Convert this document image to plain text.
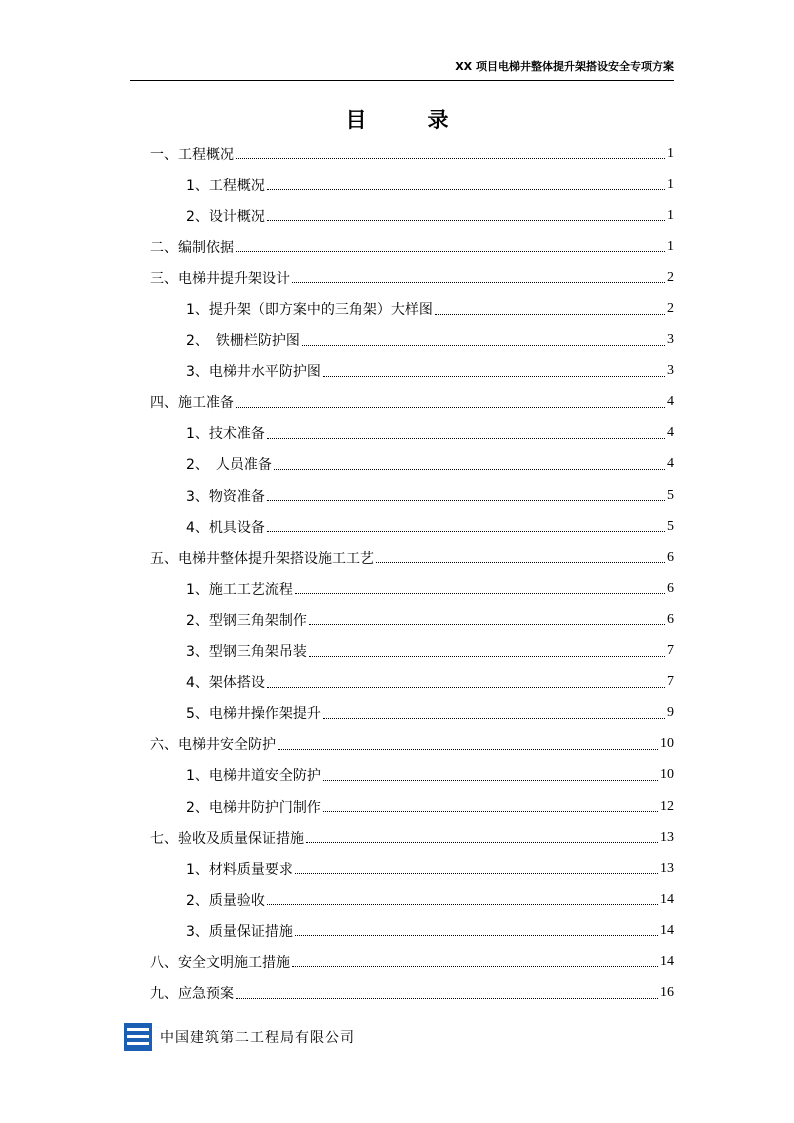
XX 项目电梯井整体提升架搭设安全专项方案
目　录
一、工程概况	1
1、工程概况	1
2、设计概况	1
二、编制依据	1
三、电梯井提升架设计	2
1、提升架（即方案中的三角架）大样图	2
2、　铁栅栏防护图	3
3、电梯井水平防护图	3
四、施工准备	4
1、技术准备	4
2、　人员准备	4
3、物资准备	5
4、机具设备	5
五、电梯井整体提升架搭设施工工艺	6
1、施工工艺流程	6
2、型钢三角架制作	6
3、型钢三角架吊装	7
4、架体搭设	7
5、电梯井操作架提升	9
六、电梯井安全防护	10
1、电梯井道安全防护	10
2、电梯井防护门制作	12
七、验收及质量保证措施	13
1、材料质量要求	13
2、质量验收	14
3、质量保证措施	14
八、安全文明施工措施	14
九、应急预案	16
中国建筑第二工程局有限公司
